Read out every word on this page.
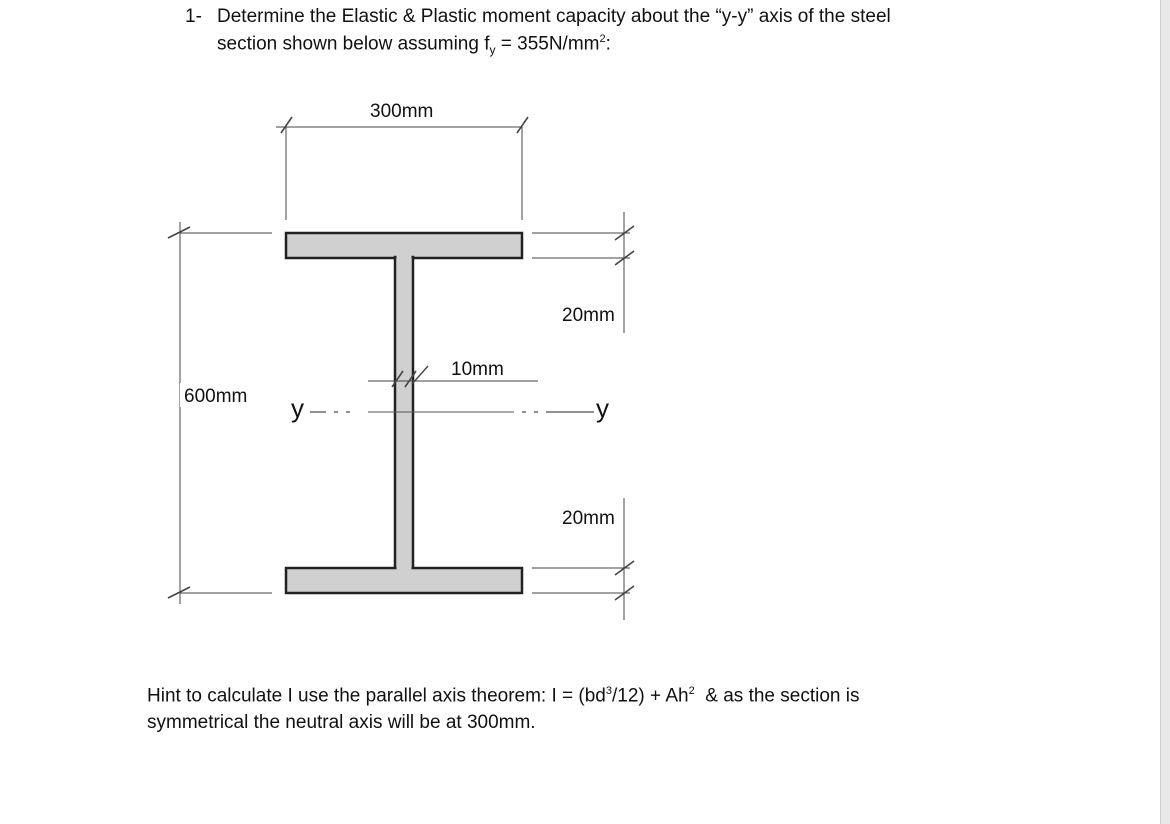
1- Determine the Elastic & Plastic moment capacity about the “y-y” axis of the steel
section shown below assuming $f_y = 355N/mm^2$:
300mm
600mm
20mm
20mm
10mm
y	y
Hint to calculate I use the parallel axis theorem: $I = (bd^3/12) + Ah^2$  & as the section is
symmetrical the neutral axis will be at 300mm.
